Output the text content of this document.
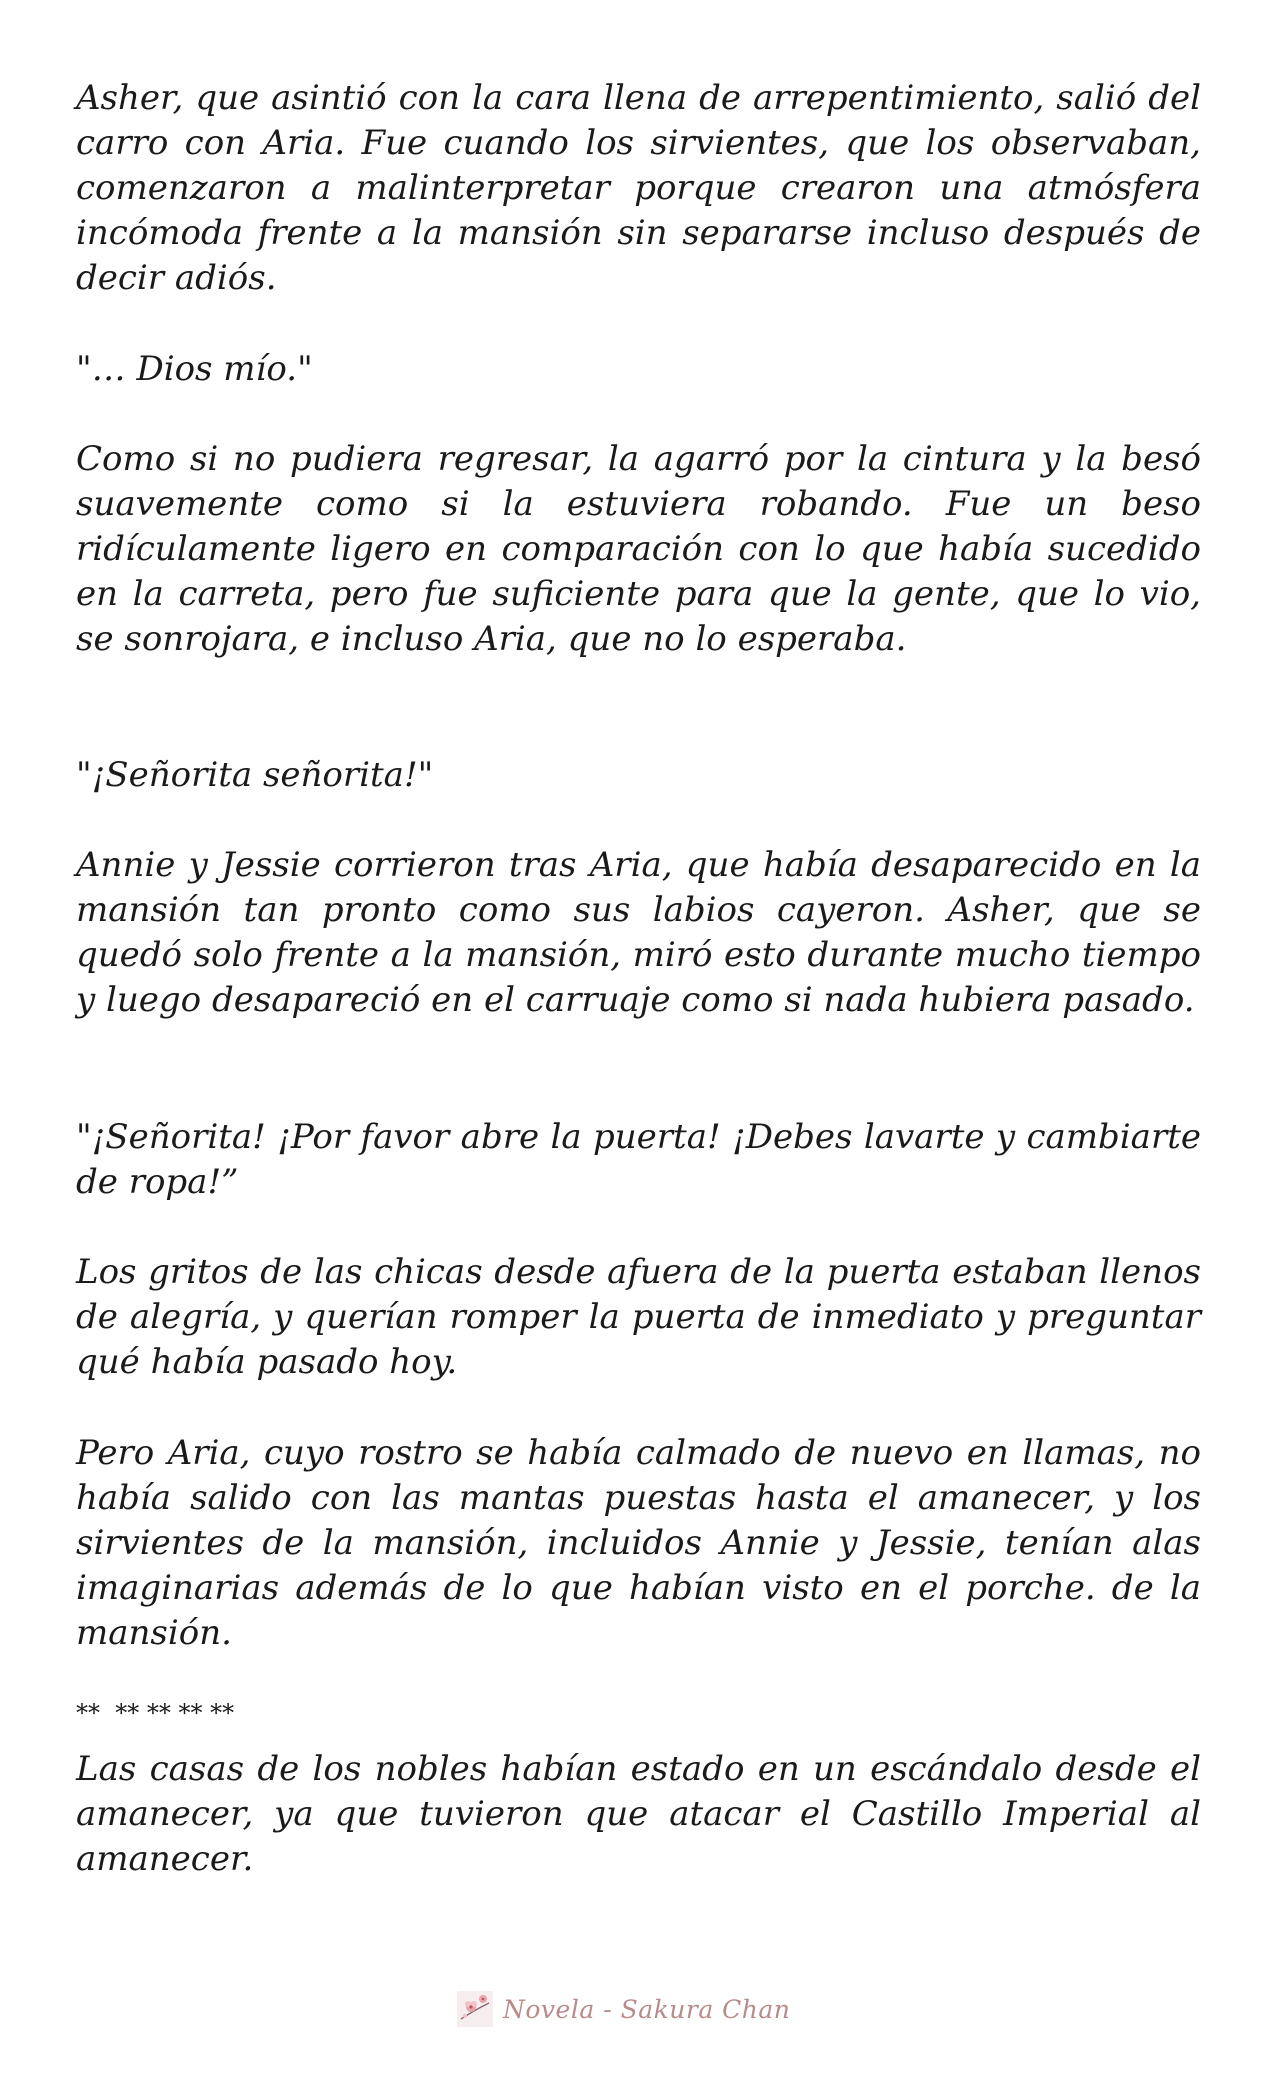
Asher, que asintió con la cara llena de arrepentimiento, salió del carro con Aria. Fue cuando los sirvientes, que los observaban, comenzaron a malinterpretar porque crearon una atmósfera incómoda frente a la mansión sin separarse incluso después de decir adiós.

"… Dios mío."

Como si no pudiera regresar, la agarró por la cintura y la besó suavemente como si la estuviera robando. Fue un beso ridículamente ligero en comparación con lo que había sucedido en la carreta, pero fue suficiente para que la gente, que lo vio, se sonrojara, e incluso Aria, que no lo esperaba.

"¡Señorita señorita!"

Annie y Jessie corrieron tras Aria, que había desaparecido en la mansión tan pronto como sus labios cayeron. Asher, que se quedó solo frente a la mansión, miró esto durante mucho tiempo y luego desapareció en el carruaje como si nada hubiera pasado.

"¡Señorita! ¡Por favor abre la puerta! ¡Debes lavarte y cambiarte de ropa!”

Los gritos de las chicas desde afuera de la puerta estaban llenos de alegría, y querían romper la puerta de inmediato y preguntar qué había pasado hoy.

Pero Aria, cuyo rostro se había calmado de nuevo en llamas, no había salido con las mantas puestas hasta el amanecer, y los sirvientes de la mansión, incluidos Annie y Jessie, tenían alas imaginarias además de lo que habían visto en el porche. de la mansión.

**  ** ** ** **

Las casas de los nobles habían estado en un escándalo desde el amanecer, ya que tuvieron que atacar el Castillo Imperial al amanecer.

Novela - Sakura Chan
